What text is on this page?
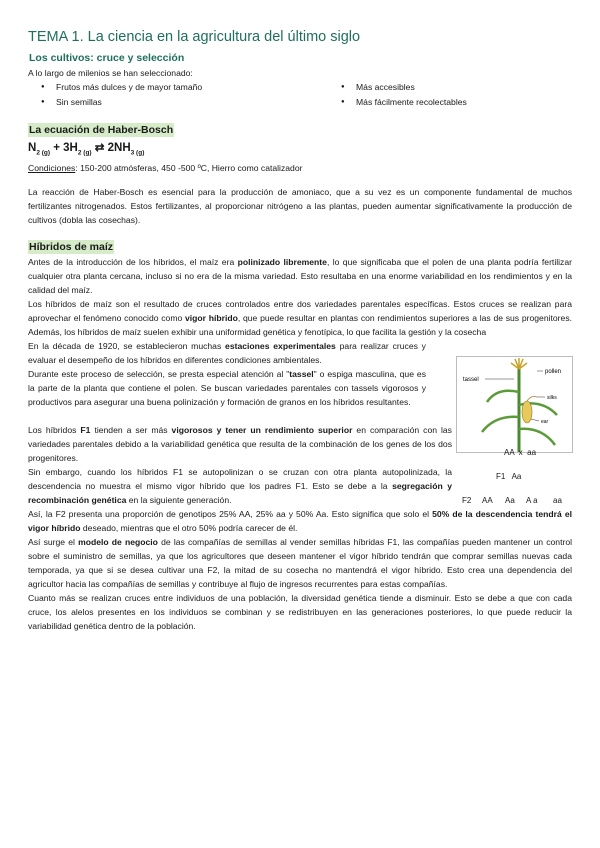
TEMA 1. La ciencia en la agricultura del último siglo
Los cultivos: cruce y selección

A lo largo de milenios se han seleccionado:

● Frutos más dulces y de mayor tamaño
● Sin semillas
● Más accesibles
● Más fácilmente recolectables
La ecuación de Haber-Bosch
$N_{2 (g)} + 3H_{2 (g)}$ ⇄ $2NH_{3 (g)}$

Condiciones: 150-200 atmósferas, 450 -500 ºC, Hierro como catalizador

La reacción de Haber-Bosch es esencial para la producción de amoniaco, que a su vez es un componente fundamental de muchos fertilizantes nitrogenados. Estos fertilizantes, al proporcionar nitrógeno a las plantas, pueden aumentar significativamente la producción de cultivos (dobla las cosechas).

Híbridos de maíz

Antes de la introducción de los híbridos, el maíz era polinizado libremente, lo que significaba que el polen de una planta podría fertilizar cualquier otra planta cercana, incluso si no era de la misma variedad. Esto resultaba en una enorme variabilidad en los rendimientos y en la calidad del maíz.

Los híbridos de maíz son el resultado de cruces controlados entre dos variedades parentales específicas. Estos cruces se realizan para aprovechar el fenómeno conocido como vigor híbrido, que puede resultar en plantas con rendimientos superiores a las de sus progenitores. Además, los híbridos de maíz suelen exhibir una uniformidad genética y fenotípica, lo que facilita la gestión y la cosecha

En la década de 1920, se establecieron muchas estaciones experimentales para realizar cruces y evaluar el desempeño de los híbridos en diferentes condiciones ambientales.

Durante este proceso de selección, se presta especial atención al "tassel" o espiga masculina, que es la parte de la planta que contiene el polen. Se buscan variedades parentales con tassels vigorosos y productivos para asegurar una buena polinización y formación de granos en los híbridos resultantes.

Los híbridos F1 tienden a ser más vigorosos y tener un rendimiento superior en comparación con las variedades parentales debido a la variabilidad genética que resulta de la combinación de los genes de los dos progenitores.

Sin embargo, cuando los híbridos F1 se autopolinizan o se cruzan con otra planta autopolinizada, la descendencia no muestra el mismo vigor híbrido que los padres F1. Esto se debe a la segregación y recombinación genética en la siguiente generación.

Así, la F2 presenta una proporción de genotipos 25% AA, 25% aa y 50% Aa. Esto significa que solo el 50% de la descendencia tendrá el vigor híbrido deseado, mientras que el otro 50% podría carecer de él.

Así surge el modelo de negocio de las compañías de semillas al vender semillas híbridas F1, las compañías pueden mantener un control sobre el suministro de semillas, ya que los agricultores que deseen mantener el vigor híbrido tendrán que comprar semillas nuevas cada temporada, ya que si se desea cultivar una F2, la mitad de su cosecha no mantendrá el vigor híbrido. Esto crea una dependencia del agricultor hacia las compañías de semillas y contribuye al flujo de ingresos recurrentes para estas compañías.

Cuanto más se realizan cruces entre individuos de una población, la diversidad genética tiende a disminuir. Esto se debe a que con cada cruce, los alelos presentes en los individuos se combinan y se redistribuyen en las generaciones posteriores, lo que puede reducir la variabilidad genética dentro de la población.

tassel
pollen
silks
ear
AA  x  aa
F1   Aa
F2 AA Aa A a aa
